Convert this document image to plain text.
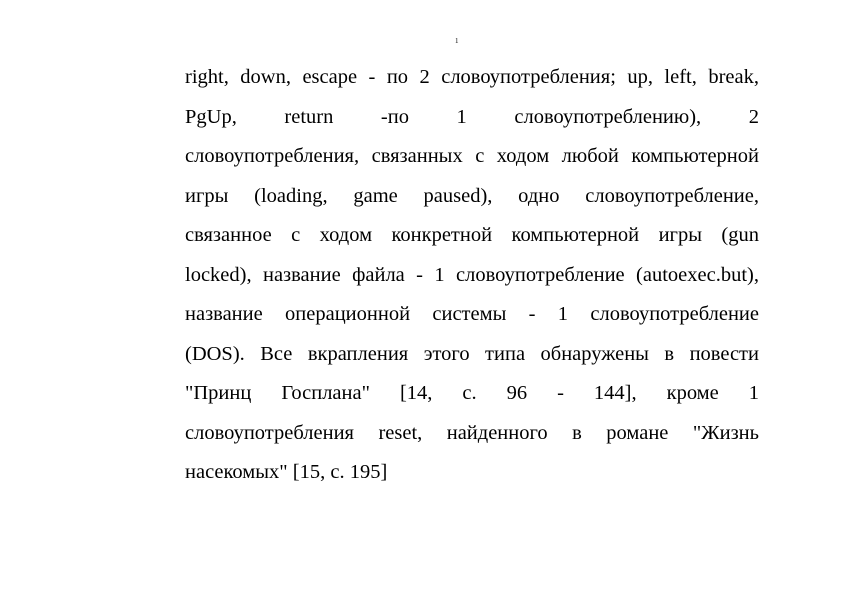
1
right, down, escape - по 2 словоупотребления; up, left, break,
PgUp, return -по 1 словоупотреблению), 2
словоупотребления, связанных с ходом любой компьютерной
игры (loading, game paused), одно словоупотребление,
связанное с ходом конкретной компьютерной игры (gun
locked), название файла - 1 словоупотребление (autoexec.but),
название операционной системы - 1 словоупотребление
(DOS). Все вкрапления этого типа обнаружены в повести
"Принц Госплана" [14, с. 96 - 144], кроме 1
словоупотребления reset, найденного в романе "Жизнь
насекомых" [15, с. 195]
